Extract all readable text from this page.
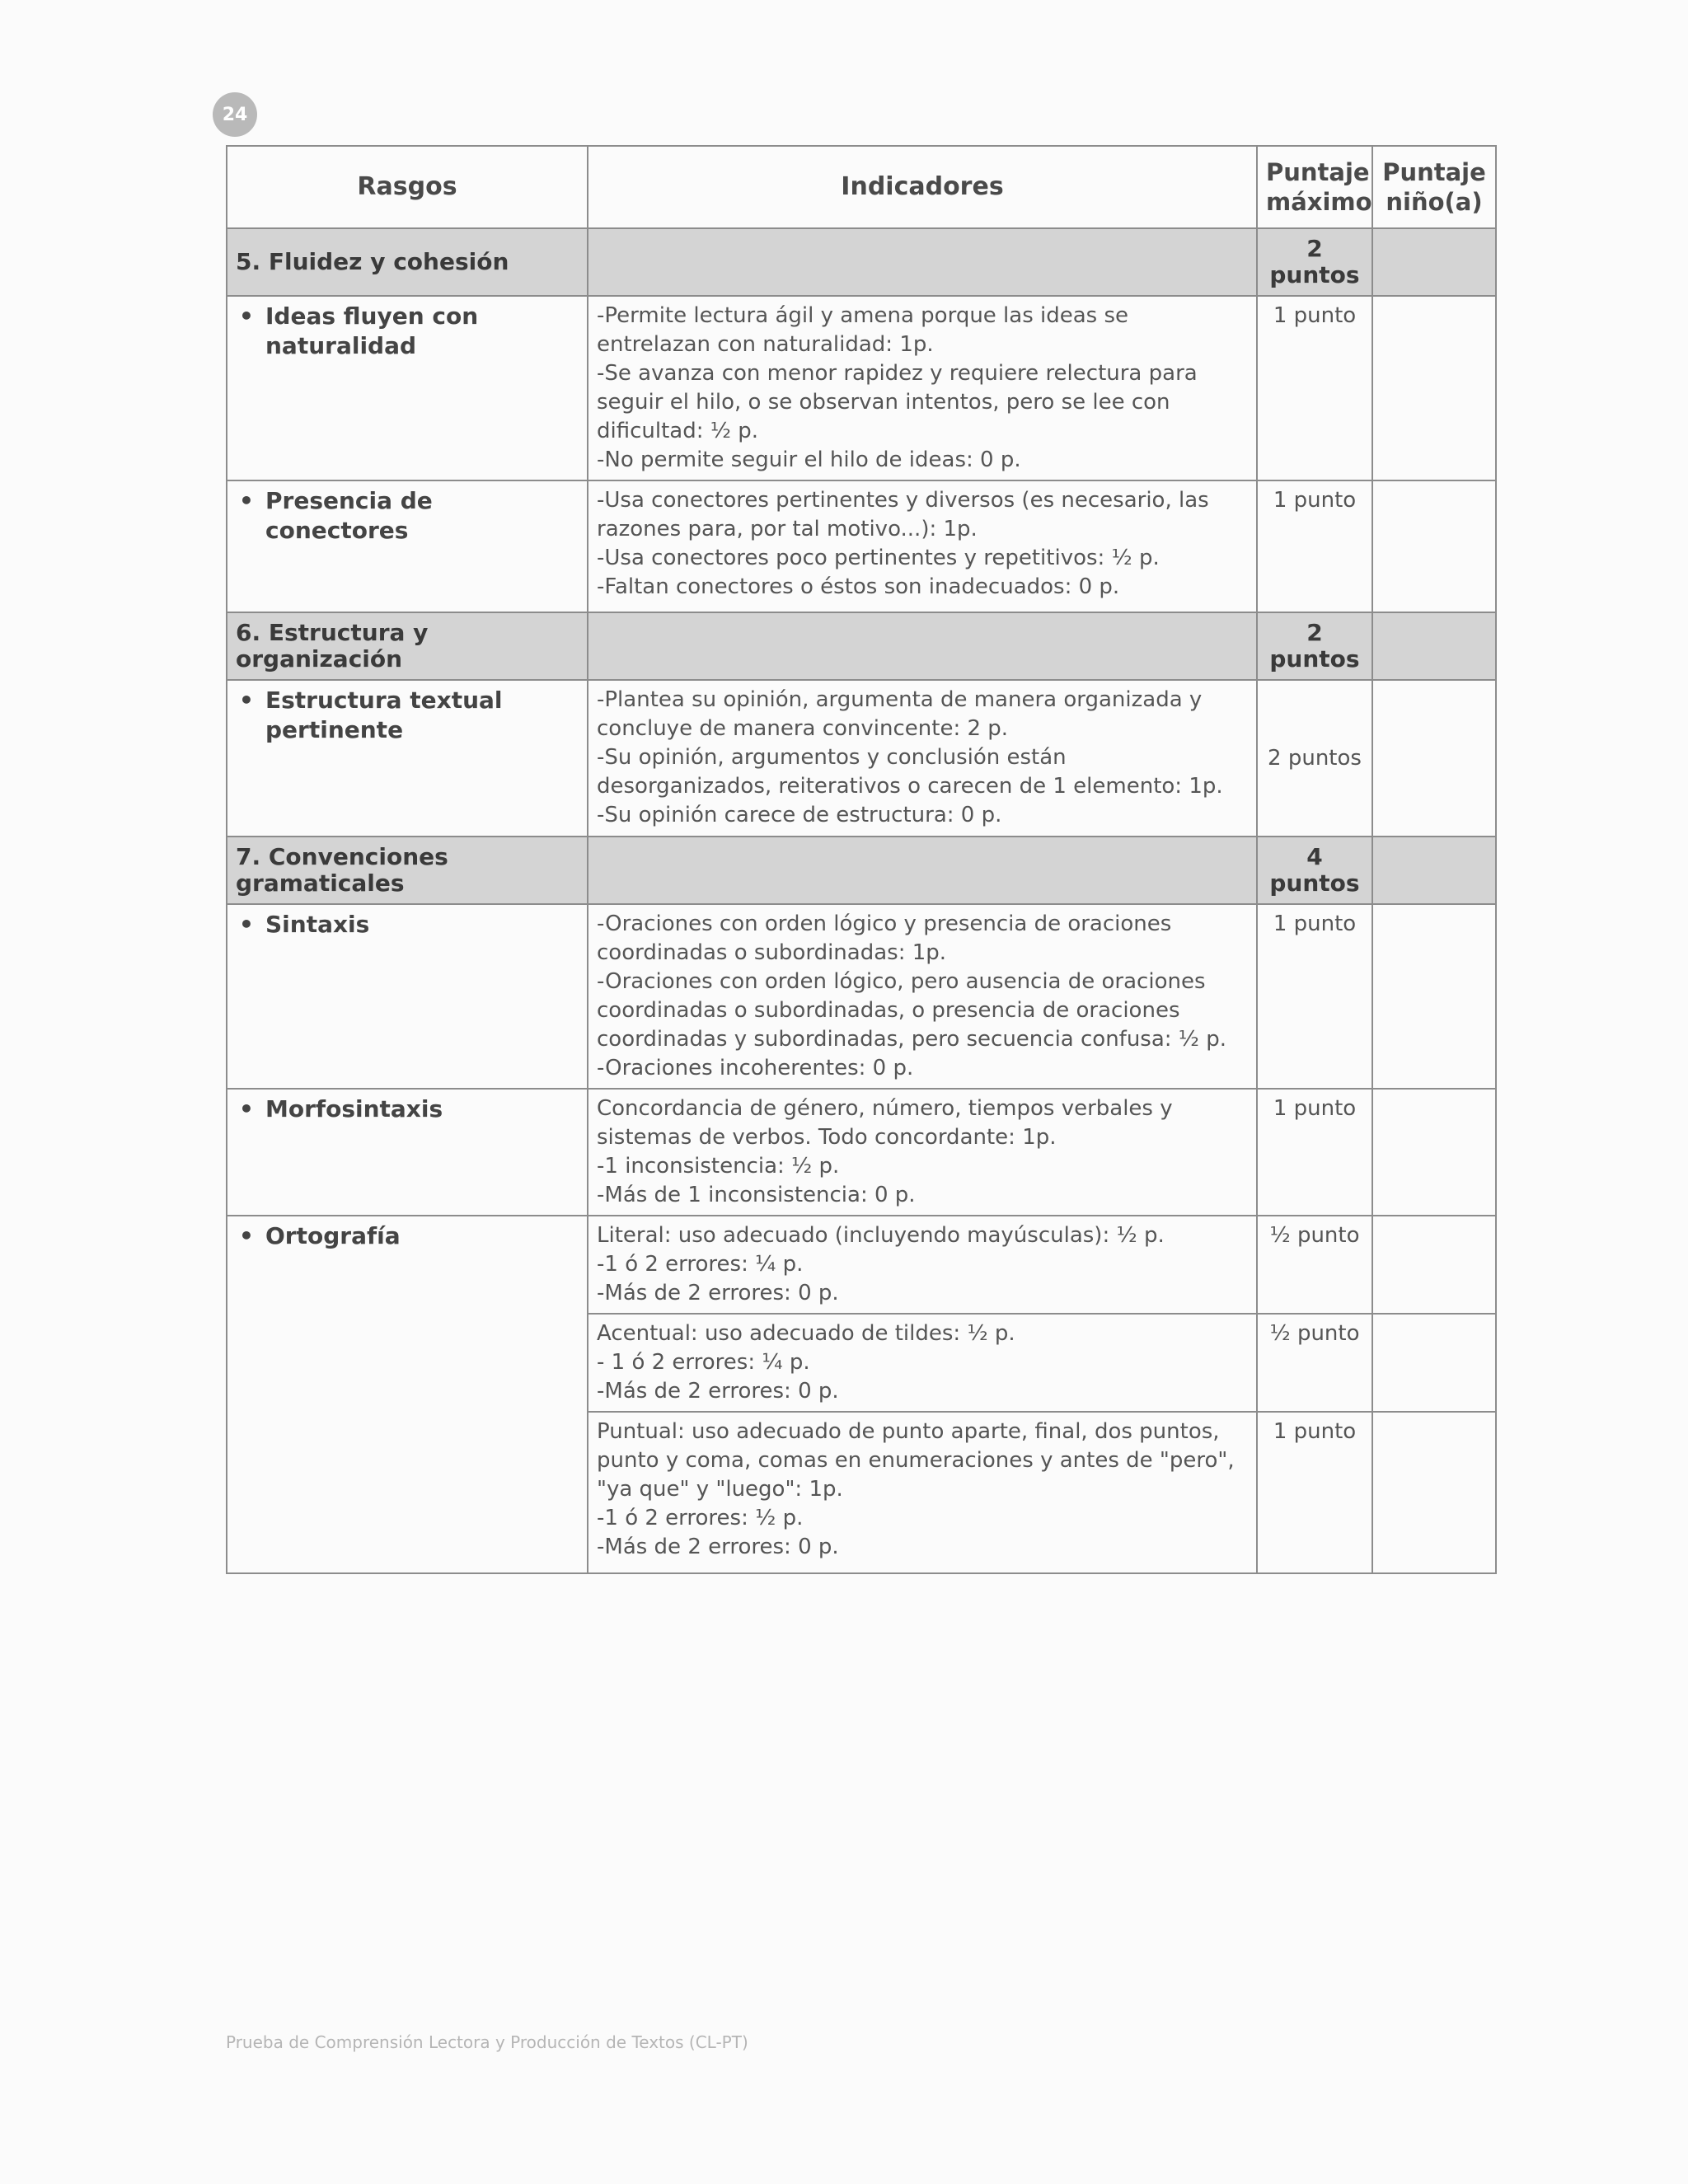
24
Rasgos	Indicadores	Puntaje máximo	Puntaje niño(a)
5. Fluidez y cohesión		2 puntos	
• Ideas fluyen con naturalidad	-Permite lectura ágil y amena porque las ideas se entrelazan con naturalidad: 1p.
-Se avanza con menor rapidez y requiere relectura para seguir el hilo, o se observan intentos, pero se lee con dificultad: ½ p.
-No permite seguir el hilo de ideas: 0 p.	1 punto	
• Presencia de conectores	-Usa conectores pertinentes y diversos (es necesario, las razones para, por tal motivo...): 1p.
-Usa conectores poco pertinentes y repetitivos: ½ p.
-Faltan conectores o éstos son inadecuados: 0 p.	1 punto	
6. Estructura y organización		2 puntos	
• Estructura textual pertinente	-Plantea su opinión, argumenta de manera organizada y concluye de manera convincente: 2 p.
-Su opinión, argumentos y conclusión están desorganizados, reiterativos o carecen de 1 elemento: 1p.
-Su opinión carece de estructura: 0 p.	2 puntos	
7. Convenciones gramaticales		4 puntos	
• Sintaxis	-Oraciones con orden lógico y presencia de oraciones coordinadas o subordinadas: 1p.
-Oraciones con orden lógico, pero ausencia de oraciones coordinadas o subordinadas, o presencia de oraciones coordinadas y subordinadas, pero secuencia confusa: ½ p.
-Oraciones incoherentes: 0 p.	1 punto	
• Morfosintaxis	Concordancia de género, número, tiempos verbales y sistemas de verbos. Todo concordante: 1p.
-1 inconsistencia: ½ p.
-Más de 1 inconsistencia: 0 p.	1 punto	
• Ortografía	Literal: uso adecuado (incluyendo mayúsculas): ½ p.
-1 ó 2 errores: ¼ p.
-Más de 2 errores: 0 p.	½ punto	

	Acentual: uso adecuado de tildes: ½ p.
- 1 ó 2 errores: ¼ p.
-Más de 2 errores: 0 p.	½ punto	

	Puntual: uso adecuado de punto aparte, final, dos puntos, punto y coma, comas en enumeraciones y antes de "pero", "ya que" y "luego": 1p.
-1 ó 2 errores: ½ p.
-Más de 2 errores: 0 p.	1 punto	
Prueba de Comprensión Lectora y Producción de Textos (CL-PT)
